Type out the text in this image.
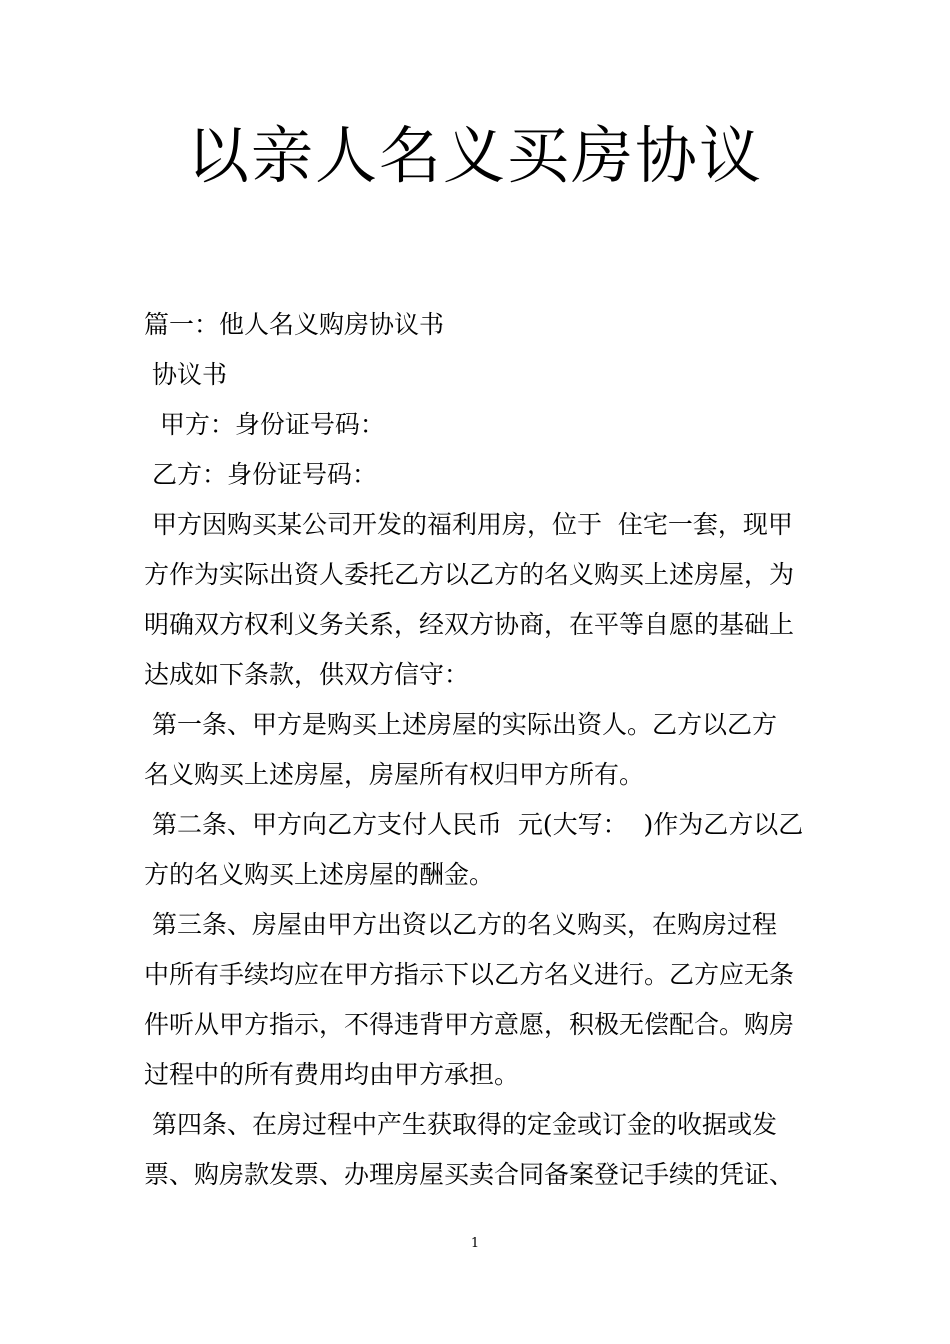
以亲人名义买房协议
篇一：他人名义购房协议书
协议书
甲方：身份证号码：
乙方：身份证号码：
甲方因购买某公司开发的福利用房，位于  住宅一套，现甲
方作为实际出资人委托乙方以乙方的名义购买上述房屋，为
明确双方权利义务关系，经双方协商，在平等自愿的基础上
达成如下条款，供双方信守：
第一条、甲方是购买上述房屋的实际出资人。乙方以乙方
名义购买上述房屋，房屋所有权归甲方所有。
第二条、甲方向乙方支付人民币  元(大写：  )作为乙方以乙
方的名义购买上述房屋的酬金。
第三条、房屋由甲方出资以乙方的名义购买，在购房过程
中所有手续均应在甲方指示下以乙方名义进行。乙方应无条
件听从甲方指示，不得违背甲方意愿，积极无偿配合。购房
过程中的所有费用均由甲方承担。
第四条、在房过程中产生获取得的定金或订金的收据或发
票、购房款发票、办理房屋买卖合同备案登记手续的凭证、
1
